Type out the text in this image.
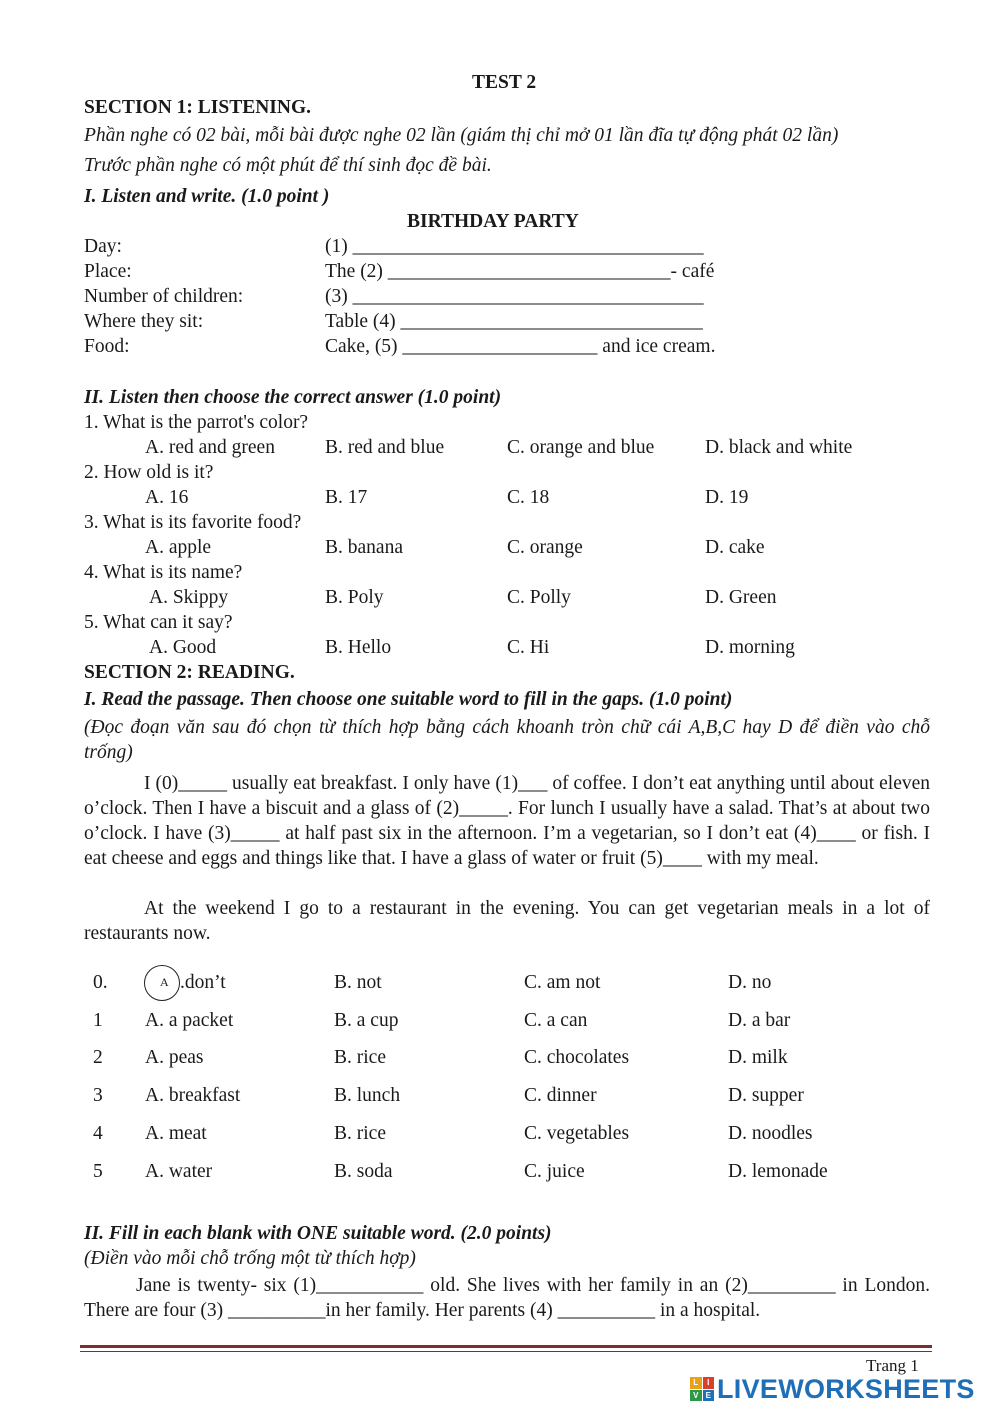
TEST 2
SECTION 1: LISTENING.
Phần nghe có 02 bài, mỗi bài được nghe 02 lần (giám thị chỉ mở 01 lần đĩa tự động phát 02 lần)
Trước phần nghe có một phút để thí sinh đọc đề bài.
I. Listen and write. (1.0 point )
BIRTHDAY PARTY
Day:	(1) ____________________________________
Place:	The (2) _____________________________- café
Number of children:	(3) ____________________________________
Where they sit:	Table (4) _______________________________
Food:	Cake, (5) ____________________ and ice cream.
II. Listen then choose the correct answer (1.0 point)
1. What is the parrot's color?
A. red and green	B. red and blue	C. orange and blue	D. black and white
2. How old is it?
A. 16	B. 17	C. 18	D. 19
3. What is its favorite food?
A. apple	B. banana	C. orange	D. cake
4. What is its name?
A. Skippy	B. Poly	C. Polly	D. Green
5. What can it say?
A. Good	B. Hello	C. Hi	D. morning
SECTION 2: READING.
I. Read the passage. Then choose one suitable word to fill in the gaps. (1.0 point)
(Đọc đoạn văn sau đó chọn từ thích hợp bằng cách khoanh tròn chữ cái A,B,C hay D để điền vào chỗ trống)
I (0)_____ usually eat breakfast. I only have (1)___ of coffee. I don’t eat anything until about eleven o’clock. Then I have a biscuit and a glass of (2)_____. For lunch I usually have a salad. That’s at about two o’clock. I have (3)_____ at half past six in the afternoon. I’m a vegetarian, so I don’t eat (4)____ or fish. I eat cheese and eggs and things like that. I have a glass of water or fruit (5)____ with my meal.
At the weekend I go to a restaurant in the evening. You can get vegetarian meals in a lot of restaurants now.
0.	A .don’t	B. not	C. am not	D. no
1 A. a packet	B. a cup	C. a can	D. a bar
2 A. peas	B. rice	C. chocolates	D. milk
3 A. breakfast	B. lunch	C. dinner	D. supper
4 A. meat	B. rice	C. vegetables	D. noodles
5 A. water	B. soda	C. juice	D. lemonade
II. Fill in each blank with ONE suitable word. (2.0 points)
(Điền vào mỗi chỗ trống một từ thích hợp)
Jane is twenty- six (1)___________ old. She lives with her family in an (2)_________ in London. There are four (3) __________in her family. Her parents (4) __________ in a hospital.
Trang 1
L	I
V E LIVEWORKSHEETS
